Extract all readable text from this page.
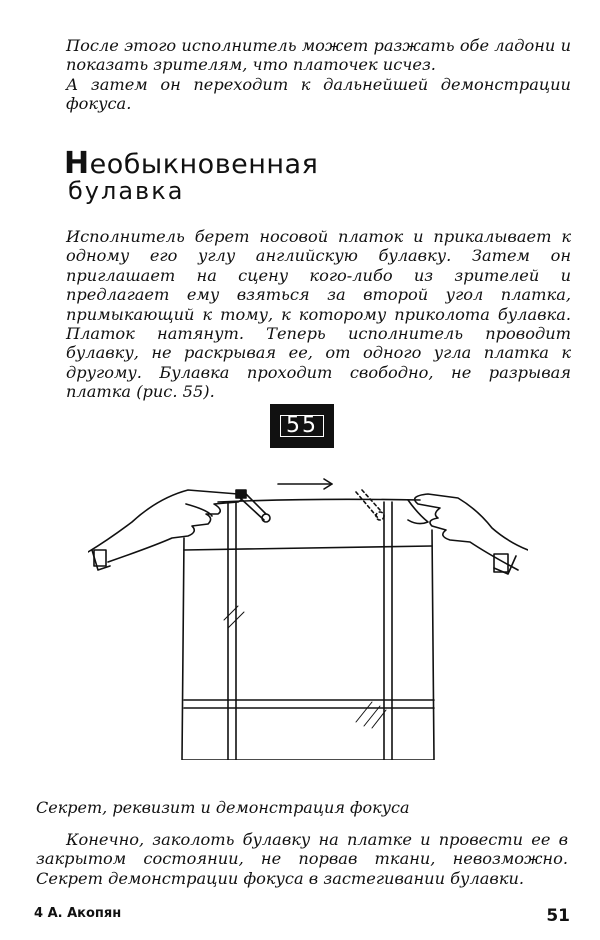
После этого исполнитель может разжать обе ладони и показать зрителям, что платочек исчез.

А затем он переходит к дальнейшей демонстрации фокуса.

Необыкновенная
булавка

Исполнитель берет носовой платок и прикалывает к одному его углу английскую булавку. Затем он приглашает на сцену кого-либо из зрителей и предлагает ему взяться за второй угол платка, примыкающий к тому, к которому приколота булавка. Платок натянут. Теперь исполнитель проводит булавку, не раскрывая ее, от одного угла платка к другому. Булавка проходит свободно, не разрывая платка (рис. 55).

55
Секрет, реквизит и демонстрация фокуса

Конечно, заколоть булавку на платке и провести ее в закрытом состоянии, не порвав ткани, невозможно. Секрет демонстрации фокуса в застегивании булавки.

4 А. Акопян	51
